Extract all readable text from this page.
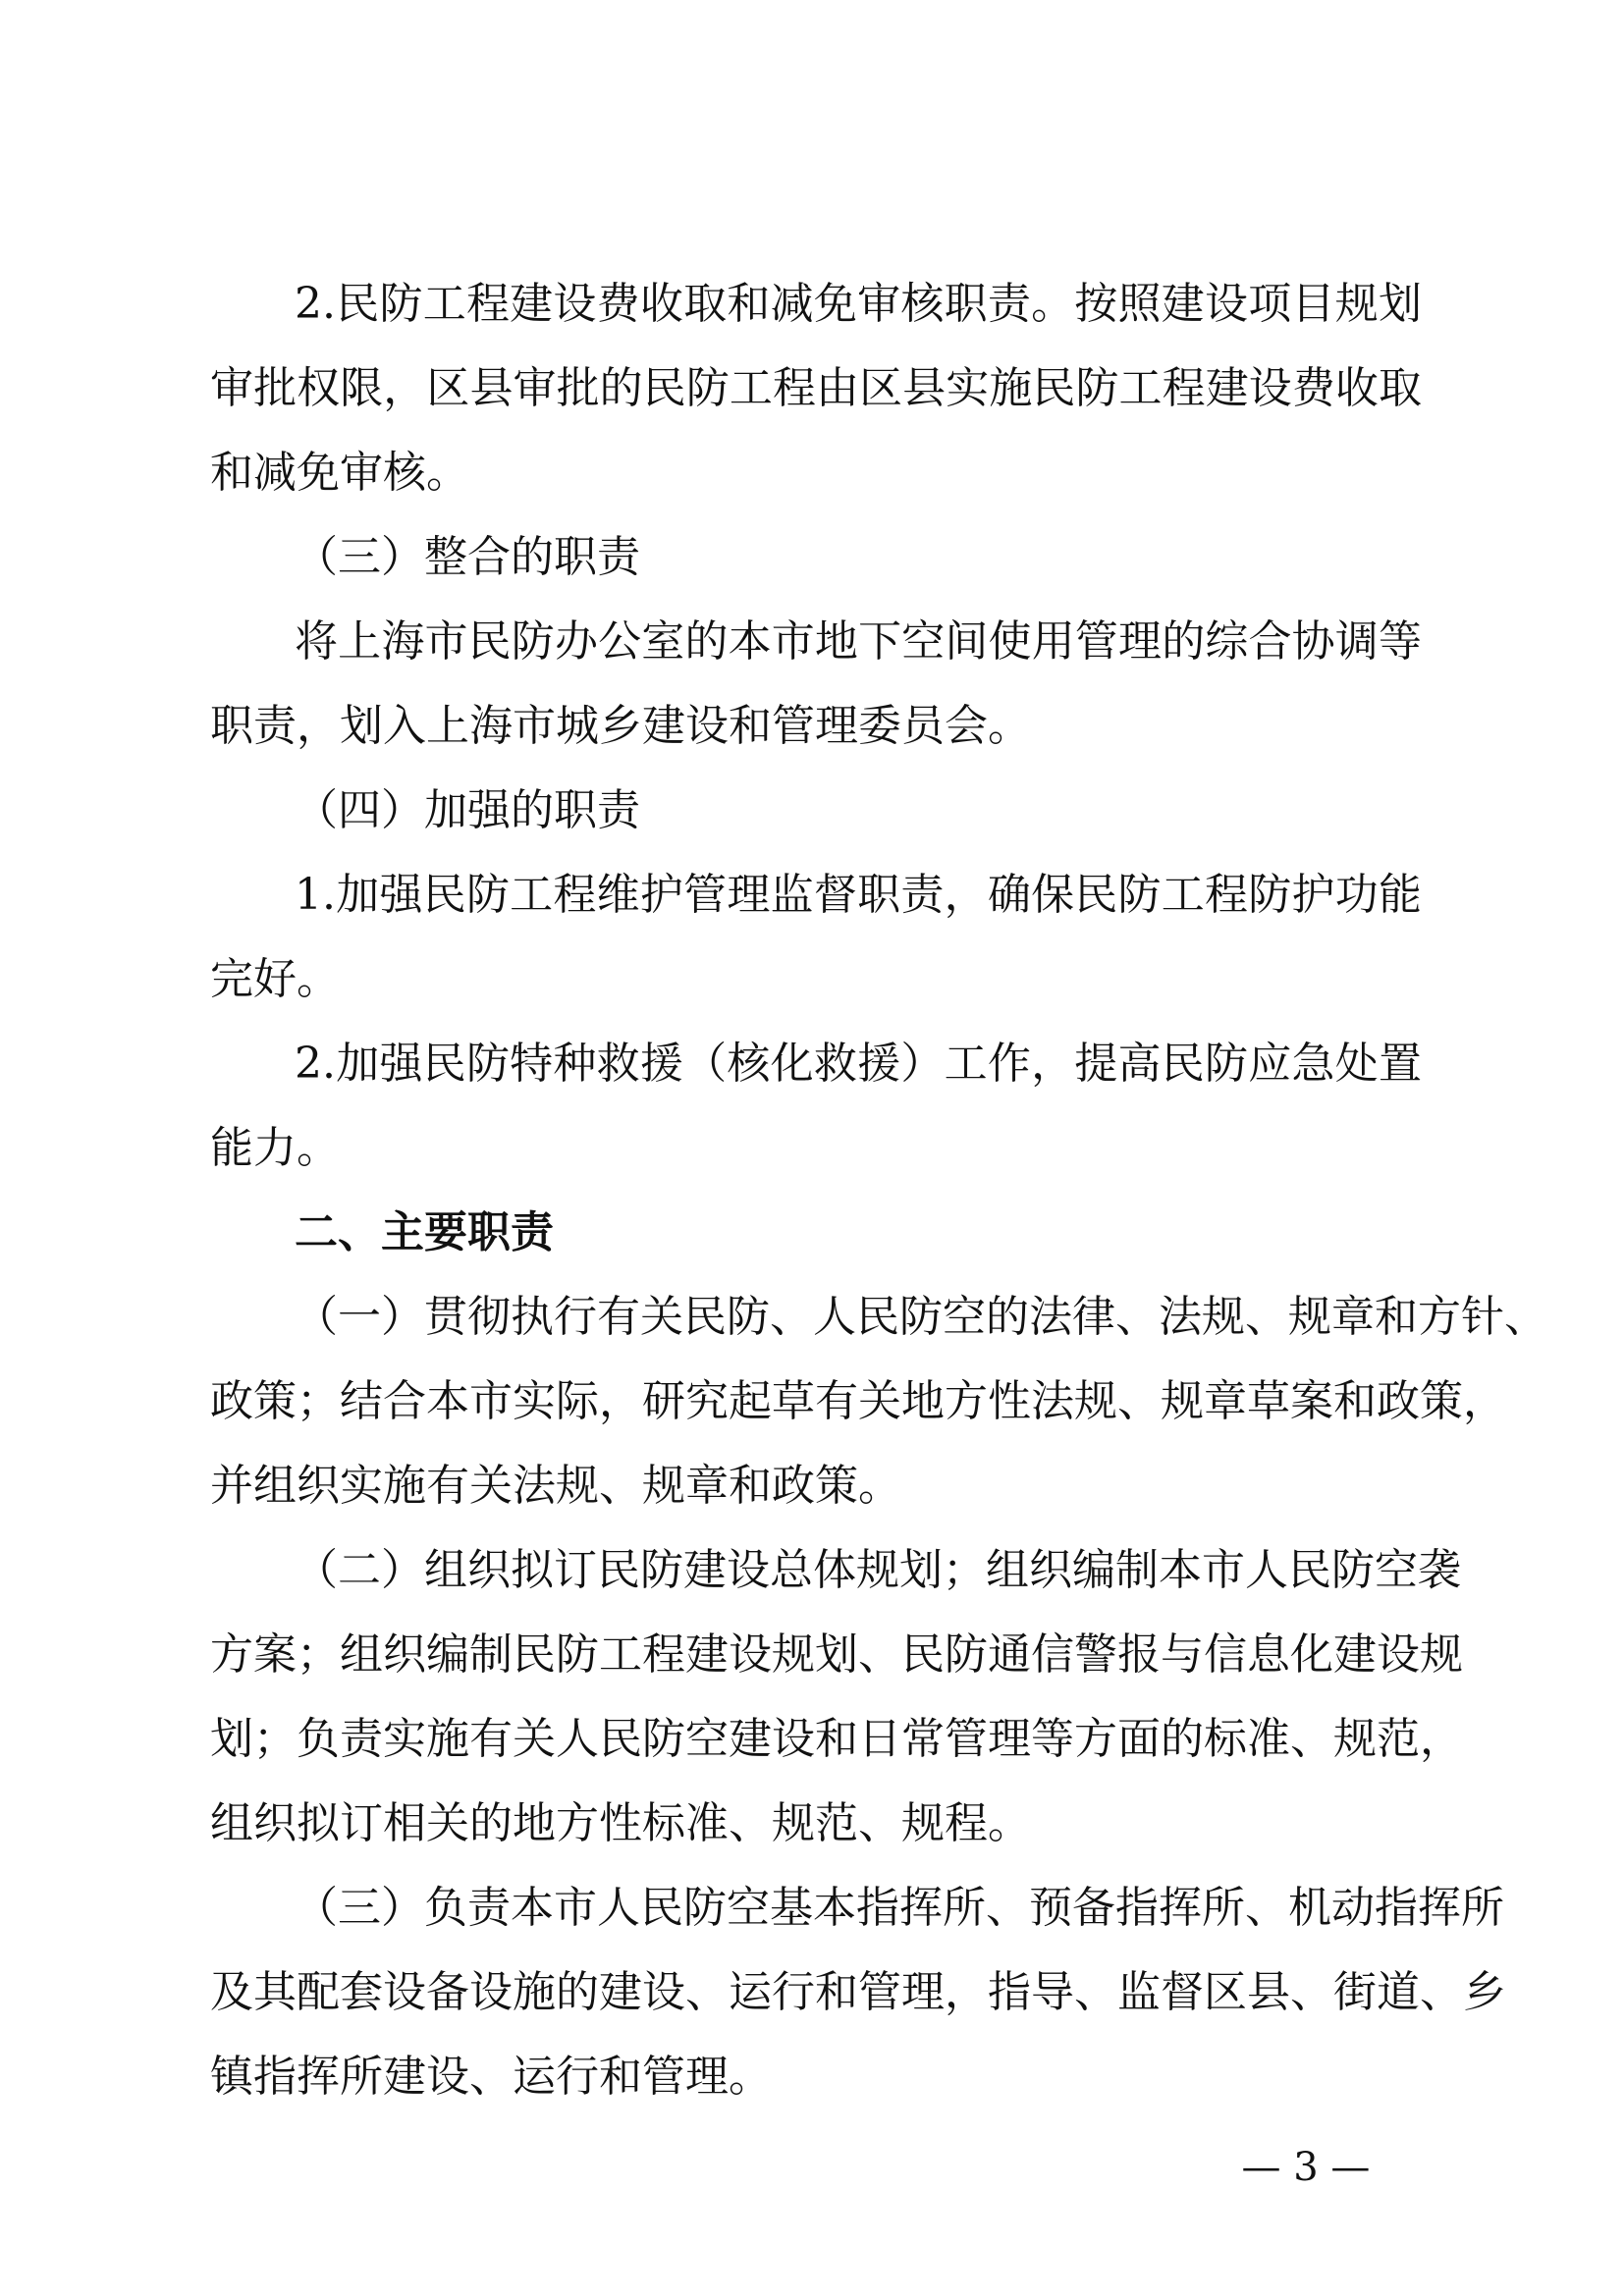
2.民防工程建设费收取和减免审核职责。按照建设项目规划
审批权限，区县审批的民防工程由区县实施民防工程建设费收取
和减免审核。
（三）整合的职责
将上海市民防办公室的本市地下空间使用管理的综合协调等
职责，划入上海市城乡建设和管理委员会。
（四）加强的职责
1.加强民防工程维护管理监督职责，确保民防工程防护功能
完好。
2.加强民防特种救援（核化救援）工作，提高民防应急处置
能力。
二、主要职责
（一）贯彻执行有关民防、人民防空的法律、法规、规章和方针、
政策；结合本市实际，研究起草有关地方性法规、规章草案和政策，
并组织实施有关法规、规章和政策。
（二）组织拟订民防建设总体规划；组织编制本市人民防空袭
方案；组织编制民防工程建设规划、民防通信警报与信息化建设规
划；负责实施有关人民防空建设和日常管理等方面的标准、规范，
组织拟订相关的地方性标准、规范、规程。
（三）负责本市人民防空基本指挥所、预备指挥所、机动指挥所
及其配套设备设施的建设、运行和管理，指导、监督区县、街道、乡
镇指挥所建设、运行和管理。
— 3 —
